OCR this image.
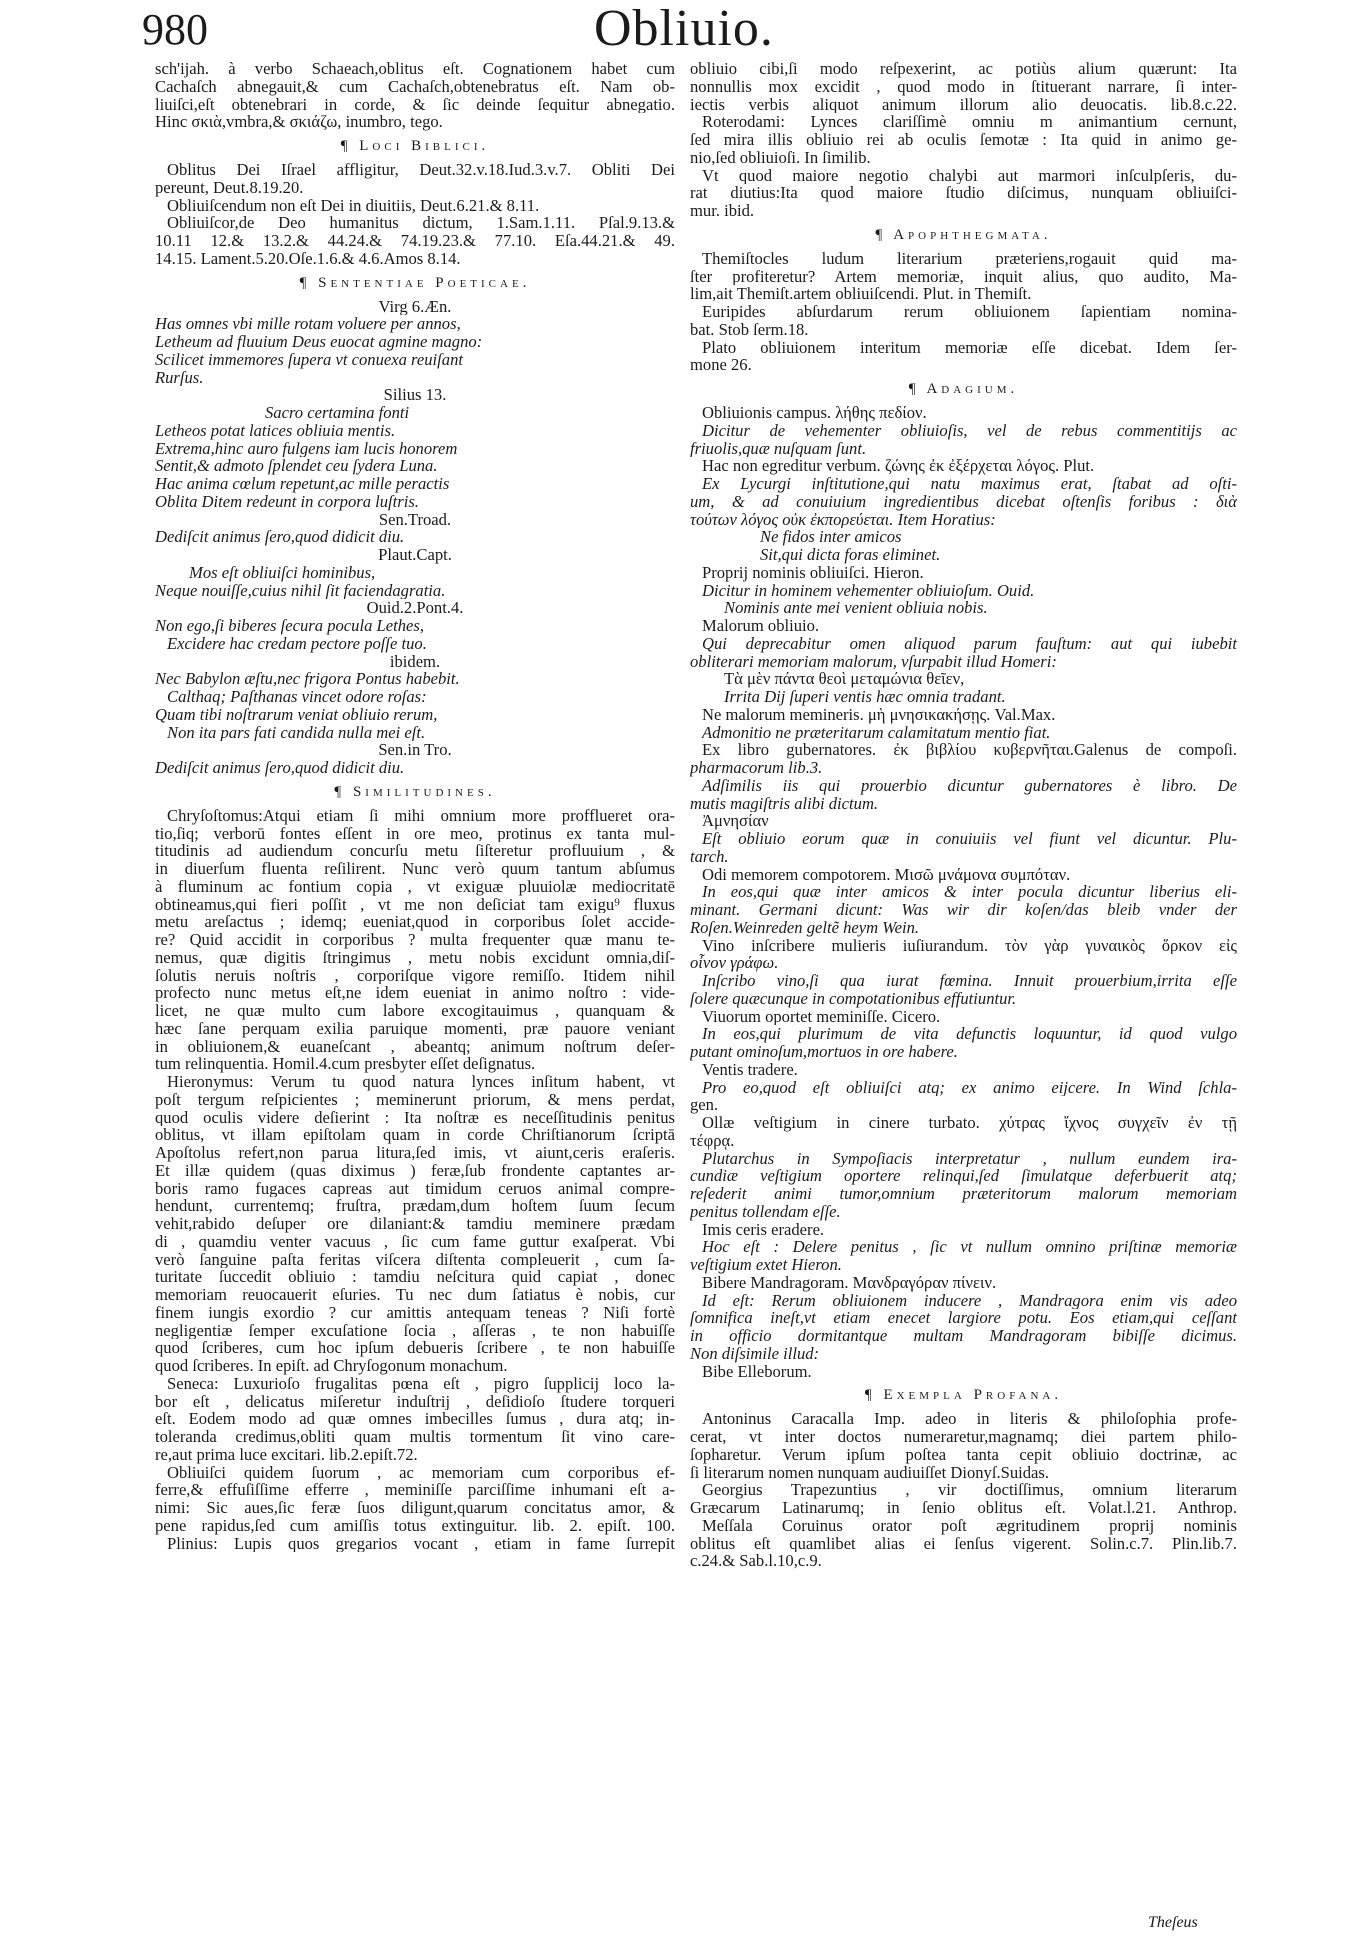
980	Obliuio.
sch'ĳah. à verbo Schaeach,oblitus eſt. Cognationem habet cum
Cachaſch abnegauit,& cum Cachaſch,obtenebratus eſt. Nam ob-
liuiſci,eſt obtenebrari in corde, & ſic deinde ſequitur abnegatio.
Hinc σκιὰ,vmbra,& σκιάζω, inumbro, tego.
¶ Loci Biblici.
Oblitus Dei Iſrael affligitur, Deut.32.v.18.Iud.3.v.7. Obliti Dei
pereunt, Deut.8.19.20.
Obliuiſcendum non eſt Dei in diuitiis, Deut.6.21.& 8.11.
Obliuiſcor,de Deo humanitus dictum, 1.Sam.1.11. Pſal.9.13.&
10.11 12.& 13.2.& 44.24.& 74.19.23.& 77.10. Eſa.44.21.& 49.
14.15. Lament.5.20.Oſe.1.6.& 4.6.Amos 8.14.
¶ Sententiae Poeticae.
Virg 6.Æn.
Has omnes vbi mille rotam voluere per annos,
Letheum ad fluuium Deus euocat agmine magno:
Scilicet immemores ſupera vt conuexa reuiſant
Rurſus.
Silius 13.
Sacro certamina fonti
Letheos potat latices obliuia mentis.
Extrema,hinc auro fulgens iam lucis honorem
Sentit,& admoto ſplendet ceu ſydera Luna.
Hac anima cœlum repetunt,ac mille peractis
Oblita Ditem redeunt in corpora luſtris.
Sen.Troad.
Dediſcit animus ſero,quod didicit diu.
Plaut.Capt.
Mos eſt obliuiſci hominibus,
Neque nouiſſe,cuius nihil ſit faciendagratia.
Ouid.2.Pont.4.
Non ego,ſi biberes ſecura pocula Lethes,
Excidere hac credam pectore poſſe tuo.
ibidem.
Nec Babylon æſtu,nec frigora Pontus habebit.
Calthaq; Paſthanas vincet odore roſas:
Quam tibi noſtrarum veniat obliuio rerum,
Non ita pars fati candida nulla mei eſt.
Sen.in Tro.
Dediſcit animus ſero,quod didicit diu.
¶ Similitudines.
Chryſoſtomus:Atqui etiam ſi mihi omnium more profflueret ora-
tio,ſiq; verborū fontes eſſent in ore meo, protinus ex tanta mul-
titudinis ad audiendum concurſu metu ſiſteretur profluuium , &
in diuerſum fluenta reſilirent. Nunc verò quum tantum abſumus
à fluminum ac fontium copia , vt exiguæ pluuiolæ mediocritatē
obtineamus,qui fieri poſſit , vt me non deſiciat tam exigu⁹ fluxus
metu areſactus ; idemq; eueniat,quod in corporibus ſolet accide-
re? Quid accidit in corporibus ? multa frequenter quæ manu te-
nemus, quæ digitis ſtringimus , metu nobis excidunt omnia,diſ-
ſolutis neruis noſtris , corporiſque vigore remiſſo. Itidem nihil
profecto nunc metus eſt,ne idem eueniat in animo noſtro : vide-
licet, ne quæ multo cum labore excogitauimus , quanquam &
hæc ſane perquam exilia paruique momenti, præ pauore veniant
in obliuionem,& euaneſcant , abeantq; animum noſtrum deſer-
tum relinquentia. Homil.4.cum presbyter eſſet deſignatus.
Hieronymus: Verum tu quod natura lynces inſitum habent, vt
poſt tergum reſpicientes ; meminerunt priorum, & mens perdat,
quod oculis videre deſierint : Ita noſtræ es neceſſitudinis penitus
oblitus, vt illam epiſtolam quam in corde Chriſtianorum ſcriptā
Apoſtolus refert,non parua litura,ſed imis, vt aiunt,ceris eraſeris.
Et illæ quidem (quas diximus ) feræ,ſub frondente captantes ar-
boris ramo fugaces capreas aut timidum ceruos animal compre-
hendunt, currentemq; fruſtra, prædam,dum hoſtem ſuum ſecum
vehit,rabido deſuper ore dilaniant:& tamdiu meminere prædam
di , quamdiu venter vacuus , ſic cum fame guttur exaſperat. Vbi
verò ſanguine paſta feritas viſcera diſtenta compleuerit , cum ſa-
turitate ſuccedit obliuio : tamdiu neſcitura quid capiat , donec
memoriam reuocauerit eſuries. Tu nec dum ſatiatus è nobis, cur
finem iungis exordio ? cur amittis antequam teneas ? Niſi fortè
negligentiæ ſemper excuſatione ſocia , aſſeras , te non habuiſſe
quod ſcriberes, cum hoc ipſum debueris ſcribere , te non habuiſſe
quod ſcriberes. In epiſt. ad Chryſogonum monachum.
Seneca: Luxurioſo frugalitas pœna eſt , pigro ſupplicij loco la-
bor eſt , delicatus miſeretur induſtrij , deſidioſo ſtudere torqueri
eſt. Eodem modo ad quæ omnes imbecilles ſumus , dura atq; in-
toleranda credimus,obliti quam multis tormentum ſit vino care-
re,aut prima luce excitari. lib.2.epiſt.72.
Obliuiſci quidem ſuorum , ac memoriam cum corporibus ef-
ferre,& effuſiſſime efferre , meminiſſe parciſſime inhumani eſt a-
nimi: Sic aues,ſic feræ ſuos diligunt,quarum concitatus amor, &
pene rapidus,ſed cum amiſſis totus extinguitur. lib. 2. epiſt. 100.
Plinius: Lupis quos gregarios vocant , etiam in fame ſurrepit
obliuio cibi,ſi modo reſpexerint, ac potiùs alium quærunt: Ita
nonnullis mox excidit , quod modo in ſtituerant narrare, ſi inter-
iectis verbis aliquot animum illorum alio deuocatis. lib.8.c.22.
Roterodami: Lynces clariſſimè omniu m animantium cernunt,
ſed mira illis obliuio rei ab oculis ſemotæ : Ita quid in animo ge-
nio,ſed obliuioſi. In ſimilib.
Vt quod maiore negotio chalybi aut marmori inſculpſeris, du-
rat diutius:Ita quod maiore ſtudio diſcimus, nunquam obliuiſci-
mur. ibid.
¶ Apophthegmata.
Themiſtocles ludum literarium præteriens,rogauit quid ma-
ſter profiteretur? Artem memoriæ, inquit alius, quo audito, Ma-
lim,ait Themiſt.artem obliuiſcendi. Plut. in Themiſt.
Euripides abſurdarum rerum obliuionem ſapientiam nomina-
bat. Stob ſerm.18.
Plato obliuionem interitum memoriæ eſſe dicebat. Idem ſer-
mone 26.
¶ Adagium.
Obliuionis campus. λήθης πεδίον.
Dicitur de vehementer obliuioſis, vel de rebus commentitijs ac
friuolis,quæ nuſquam ſunt.
Hac non egreditur verbum. ζώνης ἐκ ἐξέρχεται λόγος. Plut.
Ex Lycurgi inſtitutione,qui natu maximus erat, ſtabat ad oſti-
um, & ad conuiuium ingredientibus dicebat oſtenſis foribus : διὰ
τούτων λόγος οὐκ ἐκπορεύεται. Item Horatius:
Ne fidos inter amicos
Sit,qui dicta foras eliminet.
Proprij nominis obliuiſci. Hieron.
Dicitur in hominem vehementer obliuioſum. Ouid.
Nominis ante mei venient obliuia nobis.
Malorum obliuio.
Qui deprecabitur omen aliquod parum fauſtum: aut qui iubebit
obliterari memoriam malorum, vſurpabit illud Homeri:
Τὰ μὲν πάντα θεοὶ μεταμώνια θεῖεν,
Irrita Dij ſuperi ventis hæc omnia tradant.
Ne malorum memineris. μὴ μνησικακήσῃς. Val.Max.
Admonitio ne præteritarum calamitatum mentio fiat.
Ex libro gubernatores. ἐκ βιβλίου κυβερνῆται.Galenus de compoſi.
pharmacorum lib.3.
Adſimilis iis qui prouerbio dicuntur gubernatores è libro. De
mutis magiſtris alibi dictum.
Ἀμνησίαν
Eſt obliuio eorum quæ in conuiuiis vel fiunt vel dicuntur. Plu-
tarch.
Odi memorem compotorem. Μισῶ μνάμονα συμπόταν.
In eos,qui quæ inter amicos & inter pocula dicuntur liberius eli-
minant. Germani dicunt: Was wir dir koſen/das bleib vnder der
Roſen.Weinreden geltẽ heym Wein.
Vino inſcribere mulieris iuſiurandum. τὸν γὰρ γυναικὸς ὅρκον εἰς
οἶνον γράφω.
Inſcribo vino,ſi qua iurat fœmina. Innuit prouerbium,irrita eſſe
ſolere quæcunque in compotationibus effutiuntur.
Viuorum oportet meminiſſe. Cicero.
In eos,qui plurimum de vita defunctis loquuntur, id quod vulgo
putant ominoſum,mortuos in ore habere.
Ventis tradere.
Pro eo,quod eſt obliuiſci atq; ex animo eijcere. In Wind ſchla-
gen.
Ollæ veſtigium in cinere turbato. χύτρας ἴχνος συγχεῖν ἐν τῇ
τέφρᾳ.
Plutarchus in Sympoſiacis interpretatur , nullum eundem ira-
cundiæ veſtigium oportere relinqui,ſed ſimulatque deferbuerit atq;
reſederit animi tumor,omnium præteritorum malorum memoriam
penitus tollendam eſſe.
Imis ceris eradere.
Hoc eſt : Delere penitus , ſic vt nullum omnino priſtinæ memoriæ
veſtigium extet Hieron.
Bibere Mandragoram. Μανδραγόραν πίνειν.
Id eſt: Rerum obliuionem inducere , Mandragora enim vis adeo
ſomnifica ineſt,vt etiam enecet largiore potu. Eos etiam,qui ceſſant
in officio dormitantque multam Mandragoram bibiſſe dicimus.
Non diſsimile illud:
Bibe Elleborum.
¶ Exempla Profana.
Antoninus Caracalla Imp. adeo in literis & philoſophia profe-
cerat, vt inter doctos numeraretur,magnamq; diei partem philo-
ſopharetur. Verum ipſum poſtea tanta cepit obliuio doctrinæ, ac
ſi literarum nomen nunquam audiuiſſet Dionyſ.Suidas.
Georgius Trapezuntius , vir doctiſſimus, omnium literarum
Græcarum Latinarumq; in ſenio oblitus eſt. Volat.l.21. Anthrop.
Meſſala Coruinus orator poſt ægritudinem proprij nominis
oblitus eſt quamlibet alias ei ſenſus vigerent. Solin.c.7. Plin.lib.7.
c.24.& Sab.l.10,c.9.
Theſeus
